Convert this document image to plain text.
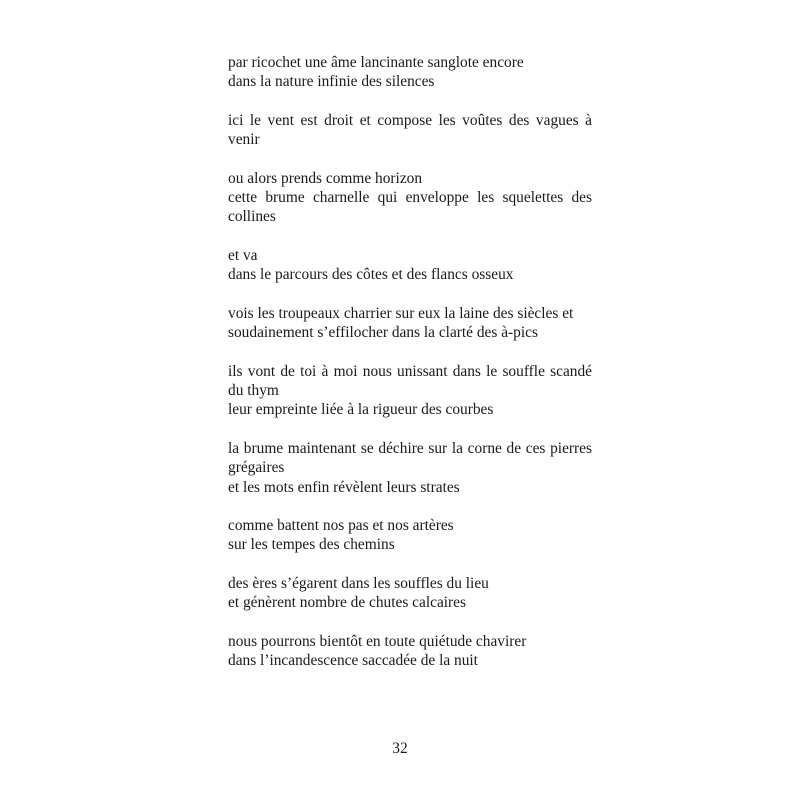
par ricochet une âme lancinante sanglote encore
dans la nature infinie des silences
ici le vent est droit et compose les voûtes des vagues à venir
ou alors prends comme horizon
cette brume charnelle qui enveloppe les squelettes des collines
et va
dans le parcours des côtes et des flancs osseux
vois les troupeaux charrier sur eux la laine des siècles et
soudainement s’effilocher dans la clarté des à-pics
ils vont de toi à moi nous unissant dans le souffle scandé du thym
leur empreinte liée à la rigueur des courbes
la brume maintenant se déchire sur la corne de ces pierres grégaires
et les mots enfin révèlent leurs strates
comme battent nos pas et nos artères
sur les tempes des chemins
des ères s’égarent dans les souffles du lieu
et génèrent nombre de chutes calcaires
nous pourrons bientôt en toute quiétude chavirer
dans l’incandescence saccadée de la nuit
32
